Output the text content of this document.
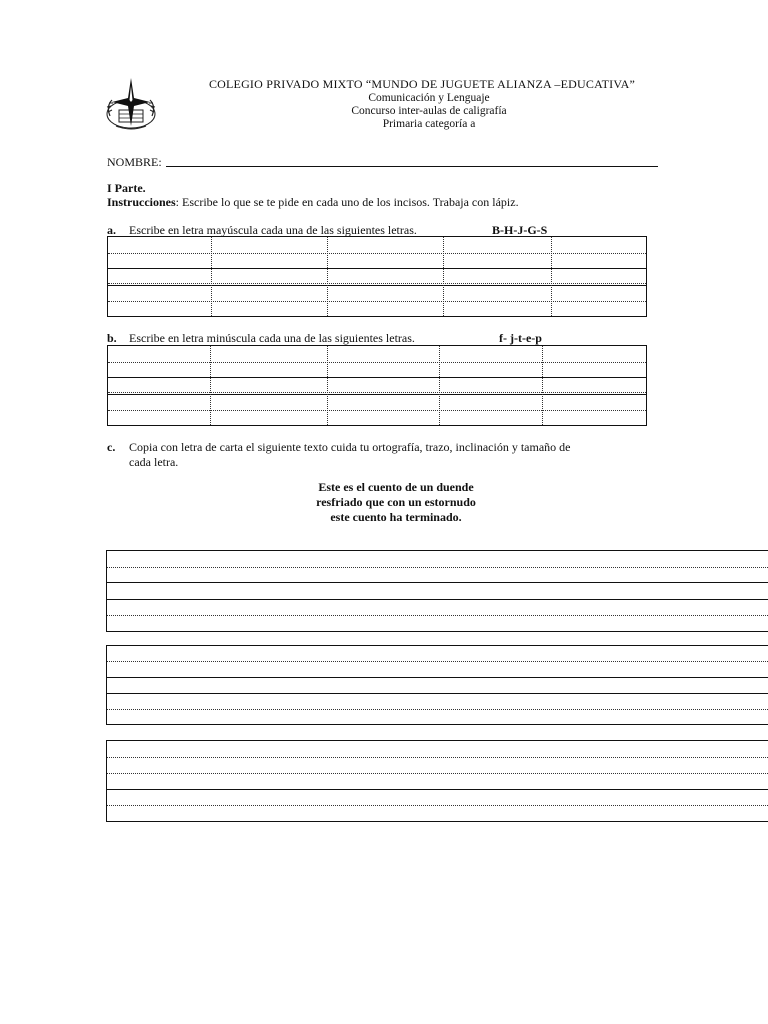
COLEGIO PRIVADO MIXTO “MUNDO DE JUGUETE ALIANZA –EDUCATIVA”
Comunicación y Lenguaje
Concurso inter-aulas de caligrafía
Primaria categoría a
NOMBRE:
I Parte.
Instrucciones: Escribe lo que se te pide en cada uno de los incisos. Trabaja con lápiz.
a. Escribe en letra mayúscula cada una de las siguientes letras.	B-H-J-G-S
b. Escribe en letra minúscula cada una de las siguientes letras.	f- j-t-e-p
c. Copia con letra de carta el siguiente texto cuida tu ortografía, trazo, inclinación y tamaño de
cada letra.
Este es el cuento de un duende
resfriado que con un estornudo
este cuento ha terminado.
